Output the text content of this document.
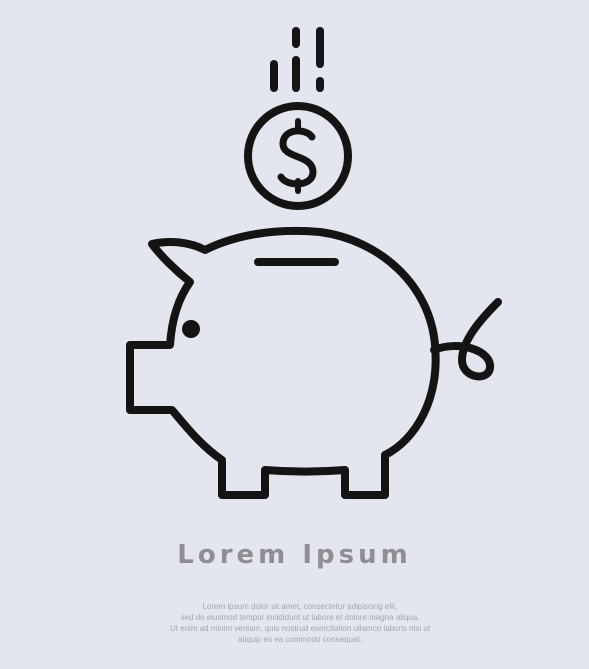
Lorem Ipsum
Lorem ipsum dolor sit amet, consectetur adipiscing elit,
sed do eiusmod tempor incididunt ut labore et dolore magna aliqua.
Ut enim ad minim veniam, quis nostrud exercitation ullamco laboris nisi ut
aliquip ex ea commodo consequat.
